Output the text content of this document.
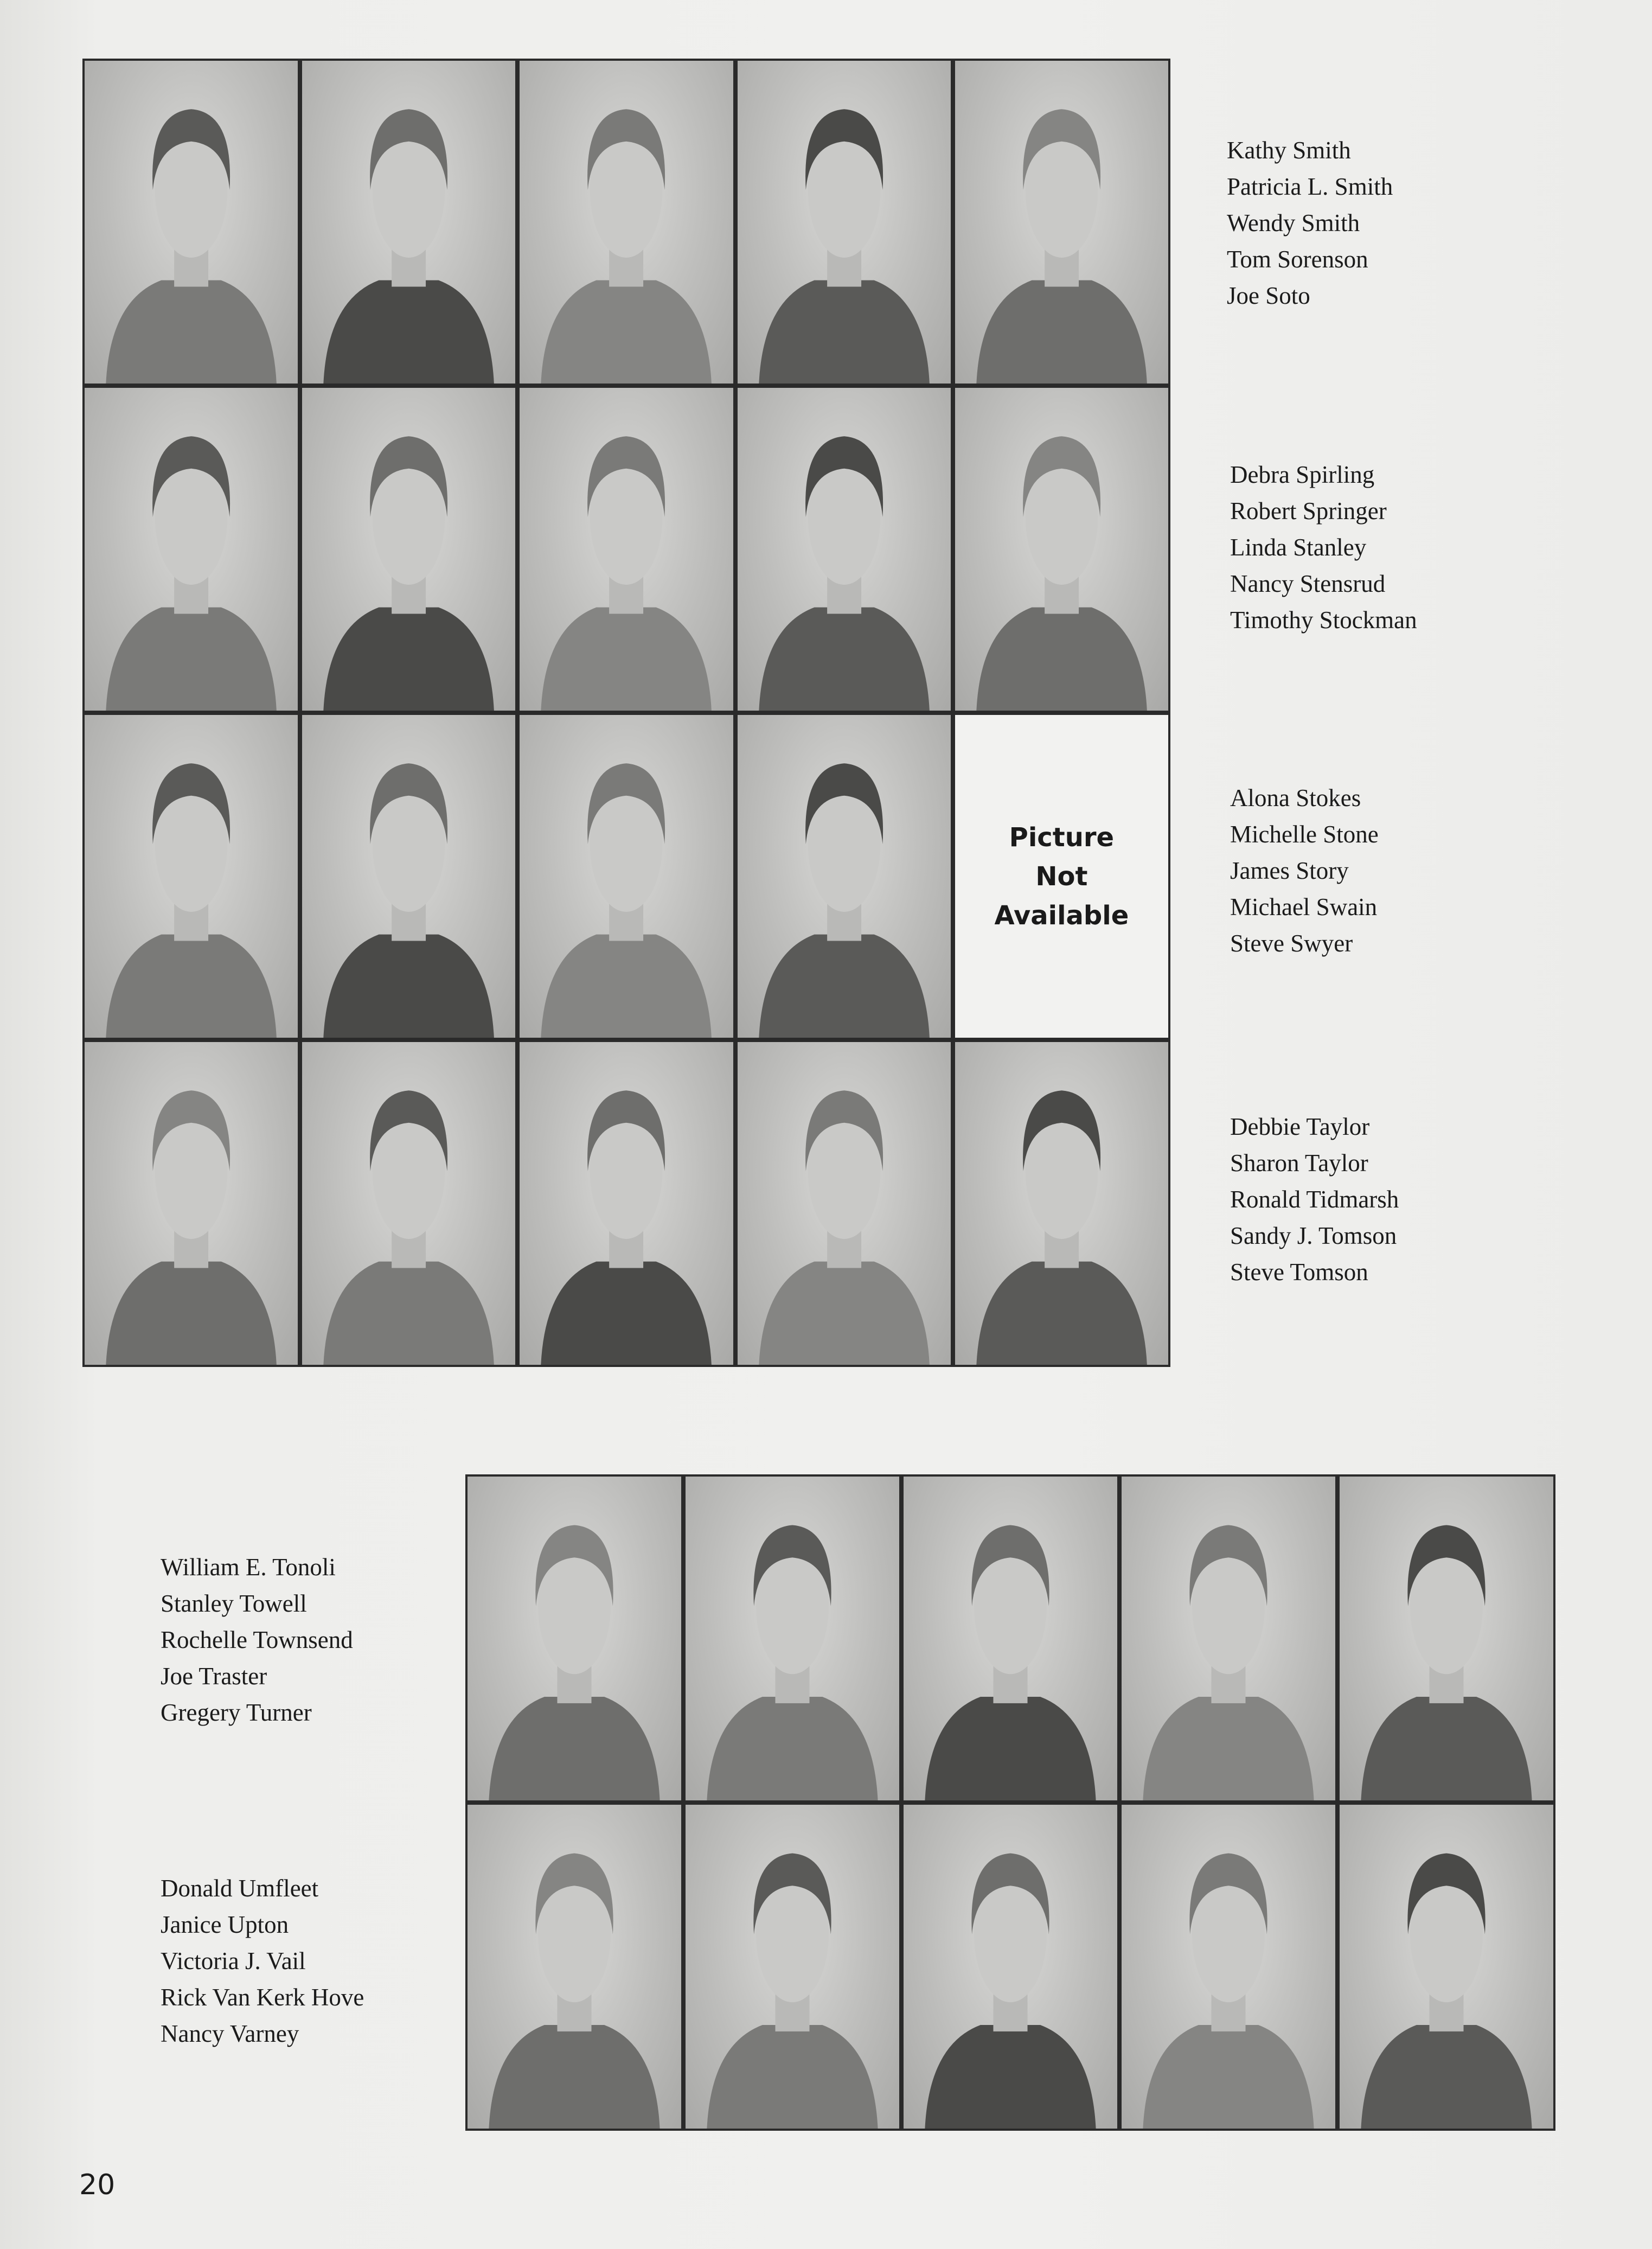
Picture
Not
Available
Kathy Smith
Patricia L. Smith
Wendy Smith
Tom Sorenson
Joe Soto
Debra Spirling
Robert Springer
Linda Stanley
Nancy Stensrud
Timothy Stockman
Alona Stokes
Michelle Stone
James Story
Michael Swain
Steve Swyer
Debbie Taylor
Sharon Taylor
Ronald Tidmarsh
Sandy J. Tomson
Steve Tomson
William E. Tonoli
Stanley Towell
Rochelle Townsend
Joe Traster
Gregery Turner
Donald Umfleet
Janice Upton
Victoria J. Vail
Rick Van Kerk Hove
Nancy Varney
20
